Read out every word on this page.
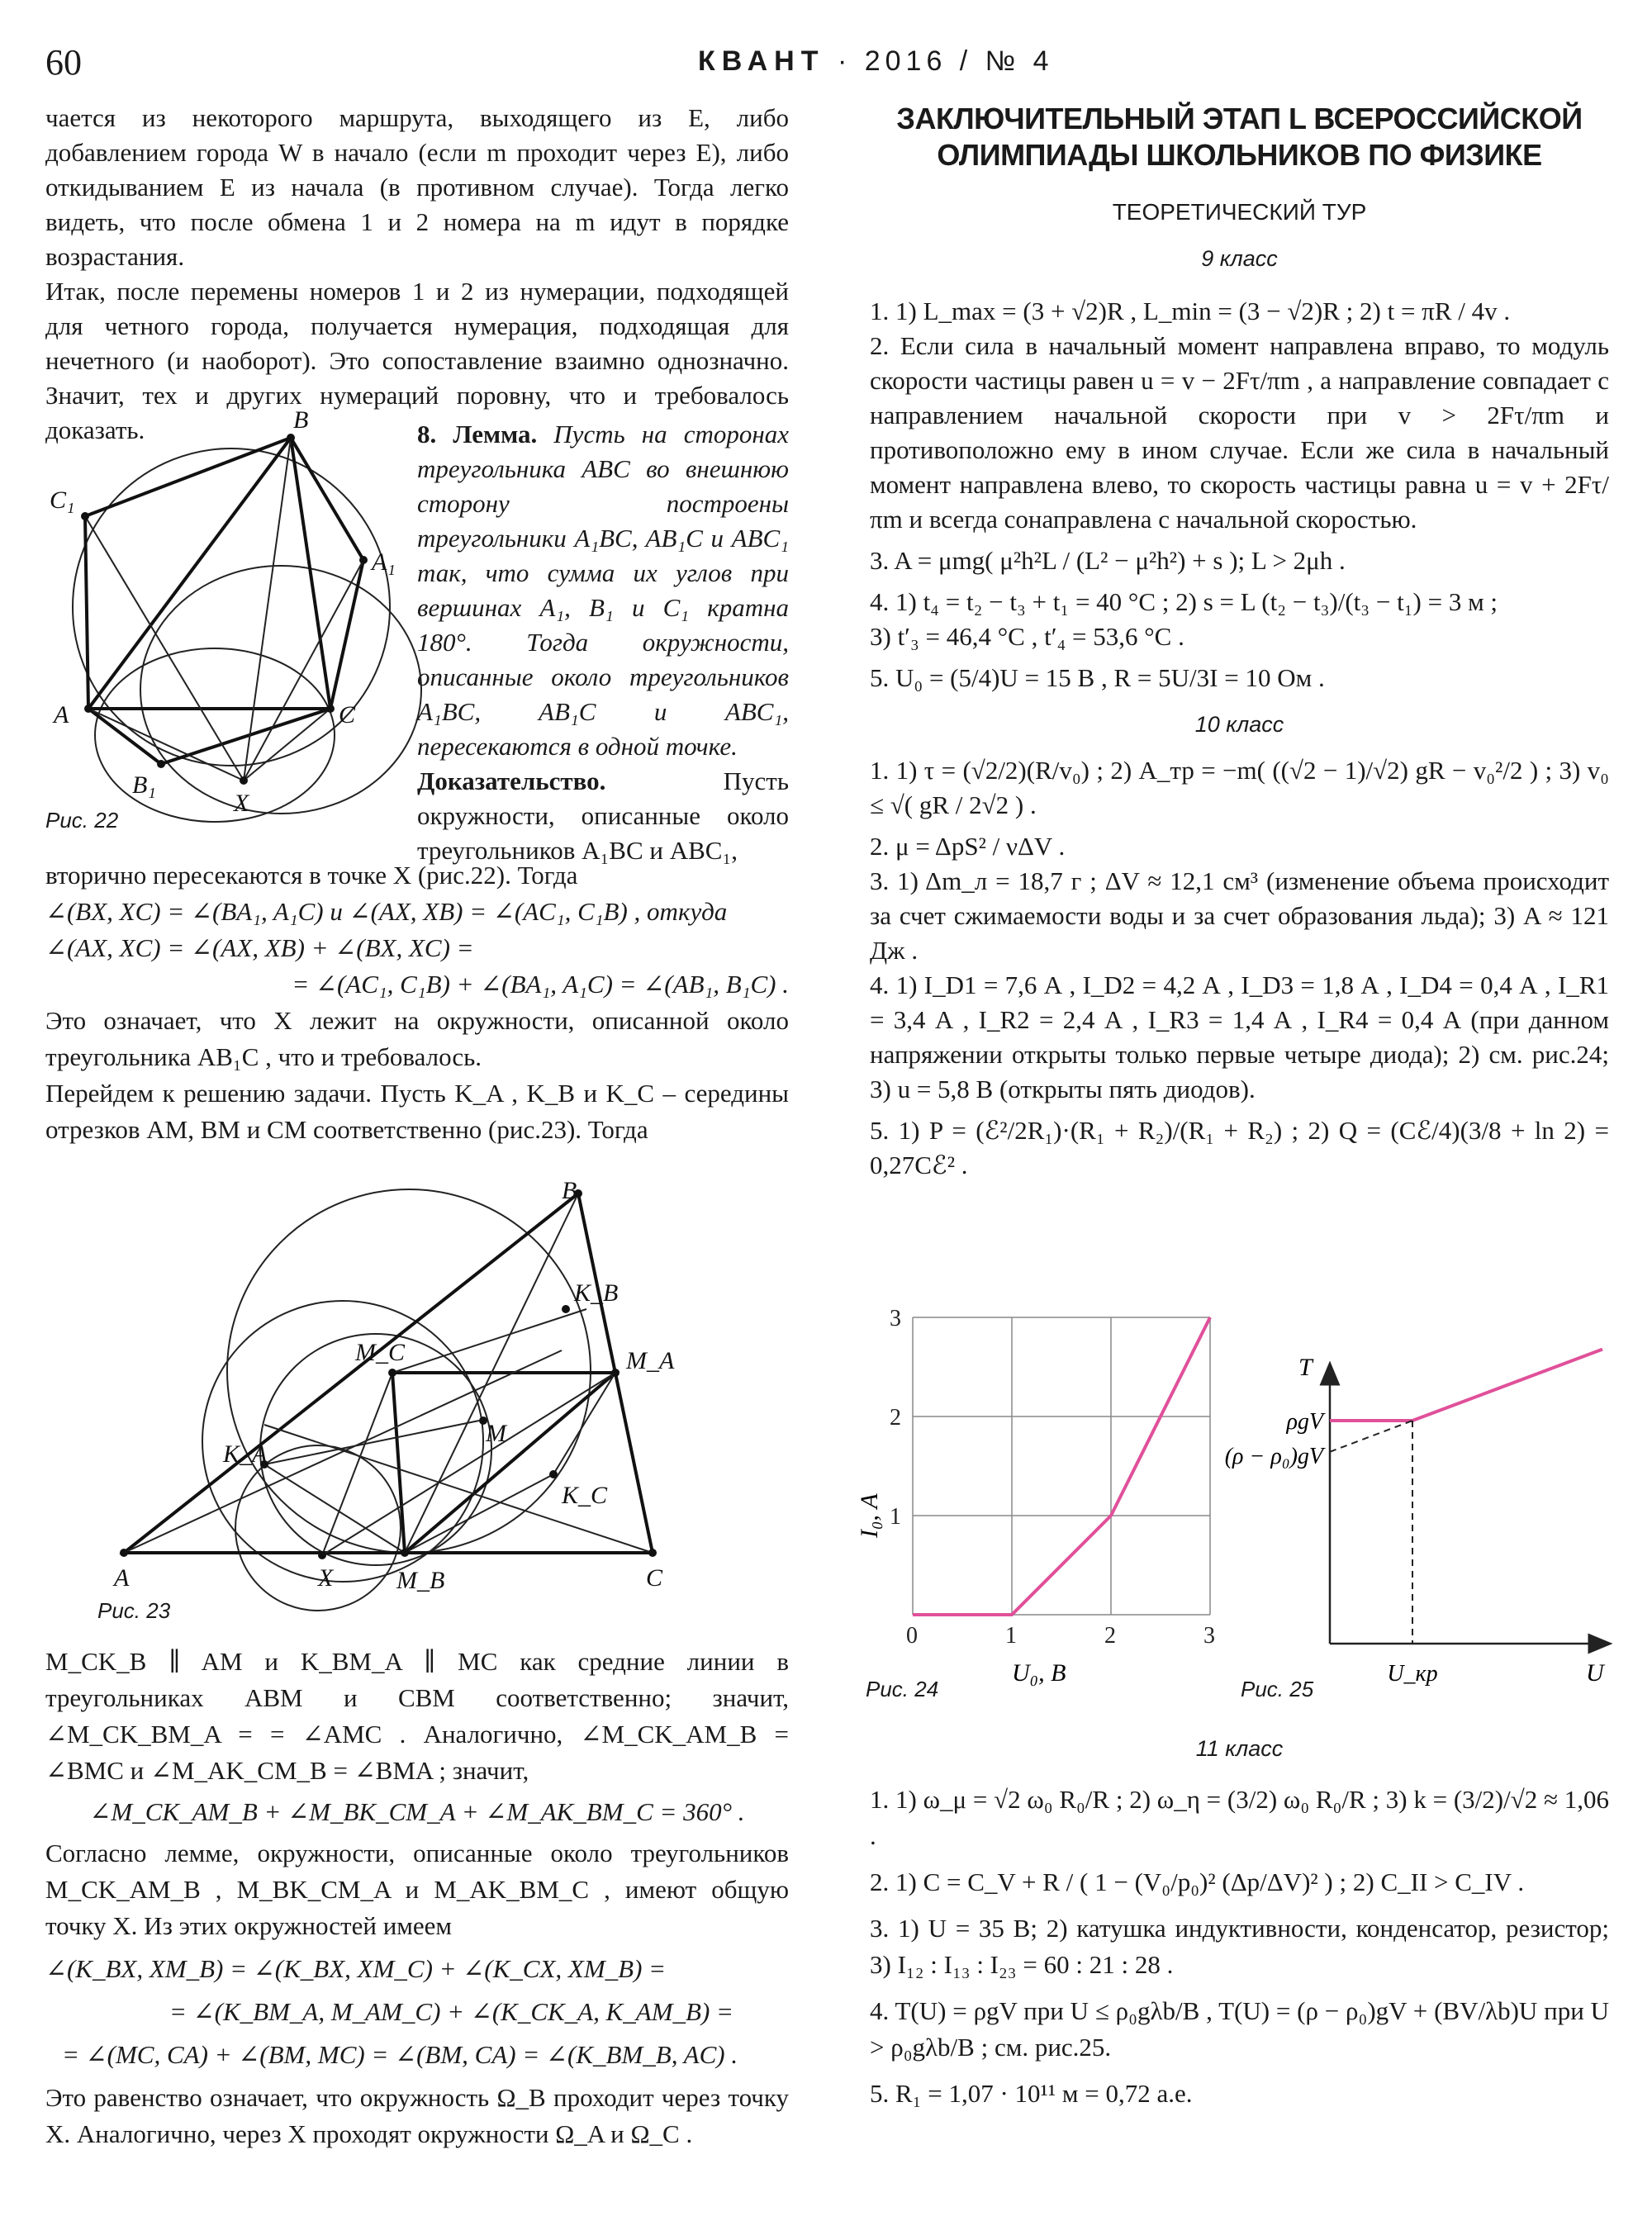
60	КВАНТ · 2016 / № 4

чается из некоторого маршрута, выходящего из E, либо добавлением города W в начало (если m проходит через E), либо откидыванием E из начала (в противном случае). Тогда легко видеть, что после обмена 1 и 2 номера на m идут в порядке возрастания.

Итак, после перемены номеров 1 и 2 из нумерации, подходящей для четного города, получается нумерация, подходящая для нечетного (и наоборот). Это сопоставление взаимно однозначно. Значит, тех и других нумераций поровну, что и требовалось доказать.	8. Лемма. Пусть на сторонах треугольника ABC во внешнюю сторону построены треугольники A₁BC, AB₁C и ABC₁ так, что сумма их углов при вершинах A₁, B₁ и C₁ кратна 180°. Тогда окружности, описанные около треугольников A₁BC, AB₁C и ABC₁, пересекаются в одной точке.

Доказательство.	Пусть окружности, описанные около треугольников A₁BC и ABC₁,

B
C₁
A₁
A	C
B₁
X
Рис. 22

вторично пересекаются в точке X (рис.22). Тогда

∠(BX, XC) = ∠(BA₁, A₁C) и ∠(AX, XB) = ∠(AC₁, C₁B) , откуда

∠(AX, XC) = ∠(AX, XB) + ∠(BX, XC) =

= ∠(AC₁, C₁B) + ∠(BA₁, A₁C) = ∠(AB₁, B₁C) .

Это означает, что X лежит на окружности, описанной около треугольника AB₁C , что и требовалось.

Перейдем к решению задачи. Пусть K_A , K_B и K_C – середины отрезков AM, BM и CM соответственно (рис.23). Тогда

B
M_C	M_A
K_B
M
K_A
K_C
A	X	M_B	C
Рис. 23

M_CK_B ∥ AM и K_BM_A ∥ MC как средние линии в треугольниках ABM и CBM соответственно; значит, ∠M_CK_BM_A = = ∠AMC . Аналогично, ∠M_CK_AM_B = ∠BMC и ∠M_AK_CM_B = ∠BMA ; значит,

∠M_CK_AM_B + ∠M_BK_CM_A + ∠M_AK_BM_C = 360° .

Согласно лемме, окружности, описанные около треугольников M_CK_AM_B , M_BK_CM_A и M_AK_BM_C , имеют общую точку X. Из этих окружностей имеем

∠(K_BX, XM_B) = ∠(K_BX, XM_C) + ∠(K_CX, XM_B) =

= ∠(K_BM_A, M_AM_C) + ∠(K_CK_A, K_AM_B) =

= ∠(MC, CA) + ∠(BM, MC) = ∠(BM, CA) = ∠(K_BM_B, AC) .

Это равенство означает, что окружность Ω_B проходит через точку X. Аналогично, через X проходят окружности Ω_A и Ω_C .

ЗАКЛЮЧИТЕЛЬНЫЙ ЭТАП L ВСЕРОССИЙСКОЙ
ОЛИМПИАДЫ ШКОЛЬНИКОВ ПО ФИЗИКЕ
ТЕОРЕТИЧЕСКИЙ ТУР
9 класс

1. 1) L_max = (3 + √2)R , L_min = (3 − √2)R ; 2) t = πR / 4v .

2. Если сила в начальный момент направлена вправо, то модуль скорости частицы равен u = v − 2Fτ/πm , а направление совпадает с направлением начальной скорости при v > 2Fτ/πm и противоположно ему в ином случае. Если же сила в начальный момент направлена влево, то скорость частицы равна u = v + 2Fτ/πm и всегда сонаправлена с начальной скоростью.

3. A = μmg( μ²h²L / (L² − μ²h²) + s ); L > 2μh .

4. 1) t₄ = t₂ − t₃ + t₁ = 40 °C ; 2) s = L (t₂ − t₃)/(t₃ − t₁) = 3 м ;

3) t′₃ = 46,4 °C , t′₄ = 53,6 °C .

5. U₀ = (5/4)U = 15 В , R = 5U/3I = 10 Ом .

10 класс

1. 1) τ = (√2/2)(R/v₀) ; 2) A_тр = −m( ((√2 − 1)/√2) gR − v₀²/2 ) ; 3) v₀ ≤ √( gR / 2√2 ) .

2. μ = ΔpS² / νΔV .

3. 1) Δm_л = 18,7 г ; ΔV ≈ 12,1 см³ (изменение объема происходит за счет сжимаемости воды и за счет образования льда); 3) A ≈ 121 Дж .

4. 1) I_D1 = 7,6 А , I_D2 = 4,2 А , I_D3 = 1,8 А , I_D4 = 0,4 А , I_R1 = 3,4 А , I_R2 = 2,4 А , I_R3 = 1,4 А , I_R4 = 0,4 А (при данном напряжении открыты только первые четыре диода); 2) см. рис.24; 3) u = 5,8 В (открыты пять диодов).

5. 1) P = (ℰ²/2R₁)·(R₁ + R₂)/(R₁ + R₂) ; 2) Q = (Cℰ/4)(3/8 + ln 2) = 0,27Cℰ² .

0	1	2	3
1
2
3
I₀, А
U₀, В
Рис. 24
T
U
ρgV
(ρ − ρ₀)gV
U_кр
Рис. 25
11 класс

1. 1) ω_μ = √2 ω₀ R₀/R ; 2) ω_η = (3/2) ω₀ R₀/R ; 3) k = (3/2)/√2 ≈ 1,06 .

2. 1) C = C_V + R / ( 1 − (V₀/p₀)² (Δp/ΔV)² ) ; 2) C_II > C_IV .

3. 1) U = 35 В; 2) катушка индуктивности, конденсатор, резистор; 3) I₁₂ : I₁₃ : I₂₃ = 60 : 21 : 28 .

4. T(U) = ρgV при U ≤ ρ₀gλb/B , T(U) = (ρ − ρ₀)gV + (BV/λb)U при U > ρ₀gλb/B ; см. рис.25.

5. R₁ = 1,07 · 10¹¹ м = 0,72 а.е.
